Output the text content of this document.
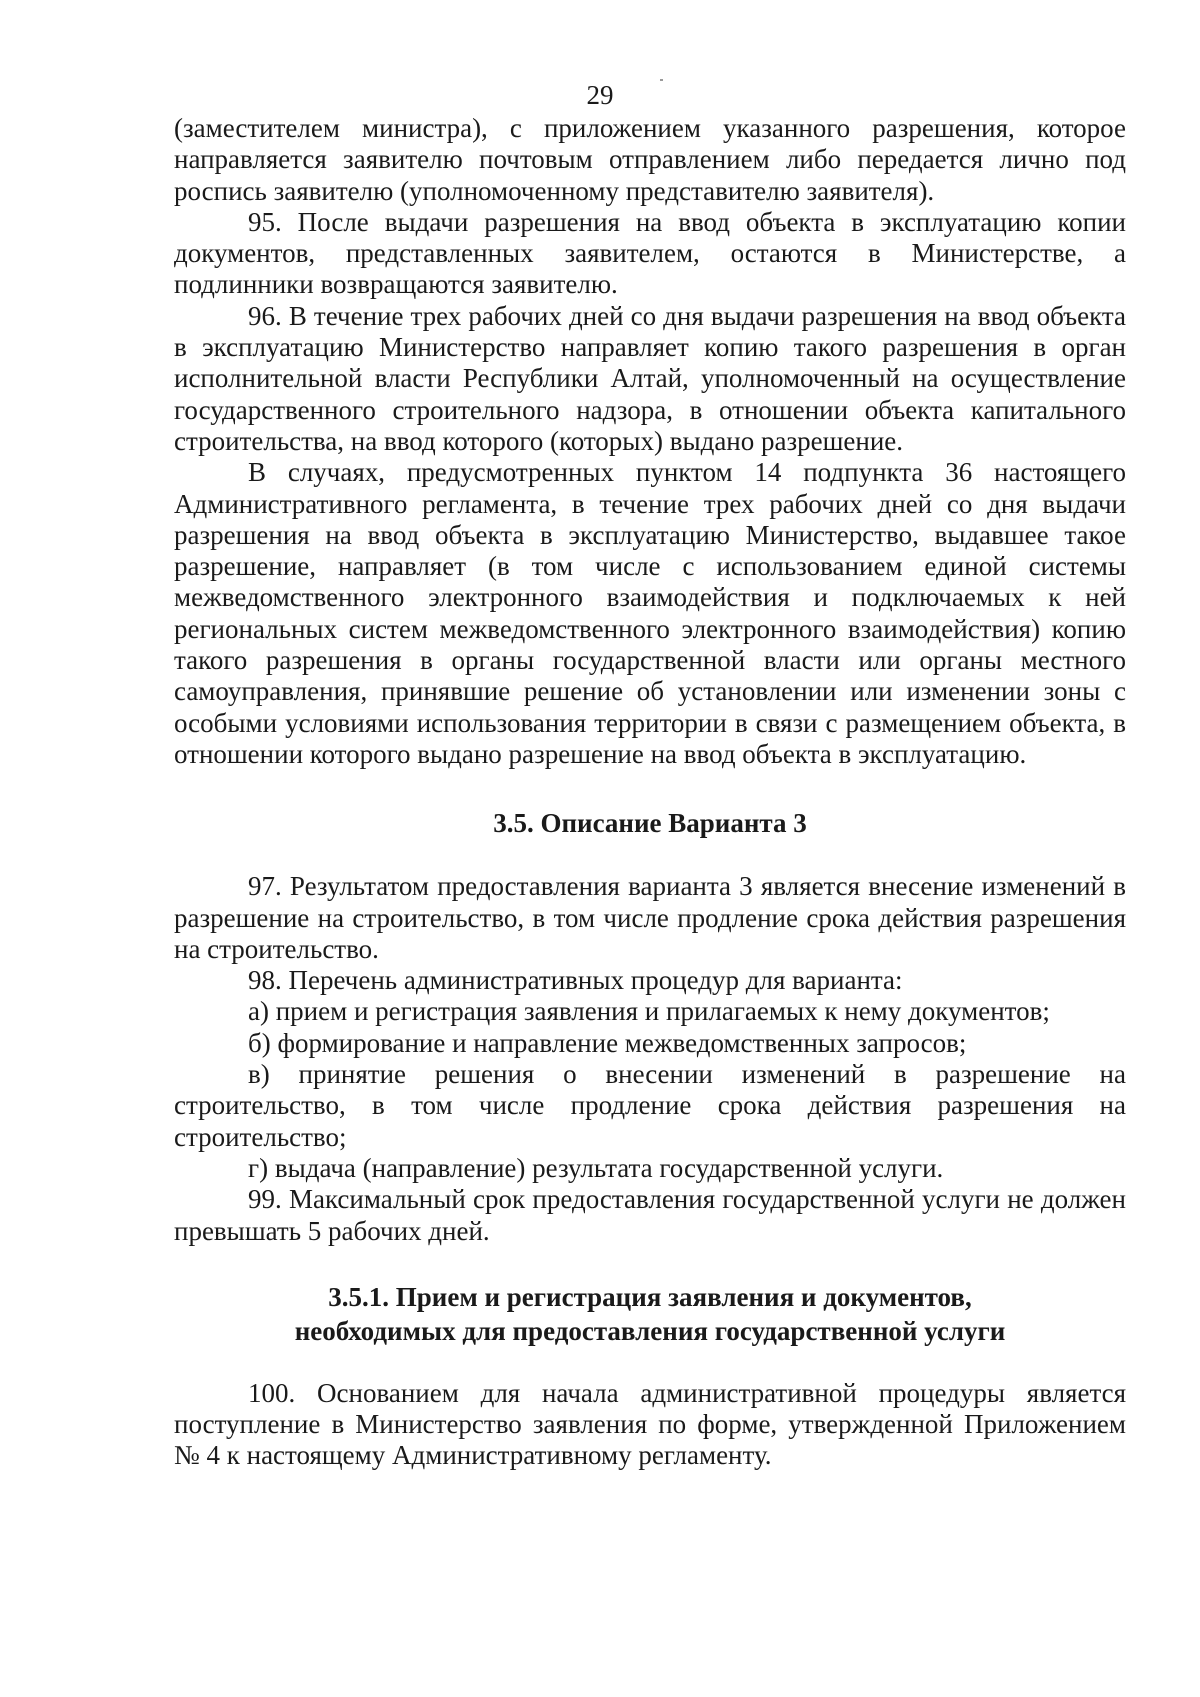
29

(заместителем министра), с приложением указанного разрешения, которое направляется заявителю почтовым отправлением либо передается лично под роспись заявителю (уполномоченному представителю заявителя).

95. После выдачи разрешения на ввод объекта в эксплуатацию копии документов, представленных заявителем, остаются в Министерстве, а подлинники возвращаются заявителю.

96. В течение трех рабочих дней со дня выдачи разрешения на ввод объекта в эксплуатацию Министерство направляет копию такого разрешения в орган исполнительной власти Республики Алтай, уполномоченный на осуществление государственного строительного надзора, в отношении объекта капитального строительства, на ввод которого (которых) выдано разрешение.

В случаях, предусмотренных пунктом 14 подпункта 36 настоящего Административного регламента, в течение трех рабочих дней со дня выдачи разрешения на ввод объекта в эксплуатацию Министерство, выдавшее такое разрешение, направляет (в том числе с использованием единой системы межведомственного электронного взаимодействия и подключаемых к ней региональных систем межведомственного электронного взаимодействия) копию такого разрешения в органы государственной власти или органы местного самоуправления, принявшие решение об установлении или изменении зоны с особыми условиями использования территории в связи с размещением объекта, в отношении которого выдано разрешение на ввод объекта в эксплуатацию.

3.5. Описание Варианта 3

97. Результатом предоставления варианта 3 является внесение изменений в разрешение на строительство, в том числе продление срока действия разрешения на строительство.

98. Перечень административных процедур для варианта:

а) прием и регистрация заявления и прилагаемых к нему документов;

б) формирование и направление межведомственных запросов;

в) принятие решения о внесении изменений в разрешение на строительство, в том числе продление срока действия разрешения на строительство;

г) выдача (направление) результата государственной услуги.

99. Максимальный срок предоставления государственной услуги не должен превышать 5 рабочих дней.

3.5.1. Прием и регистрация заявления и документов,
необходимых для предоставления государственной услуги

100. Основанием для начала административной процедуры является поступление в Министерство заявления по форме, утвержденной Приложением № 4 к настоящему Административному регламенту.
